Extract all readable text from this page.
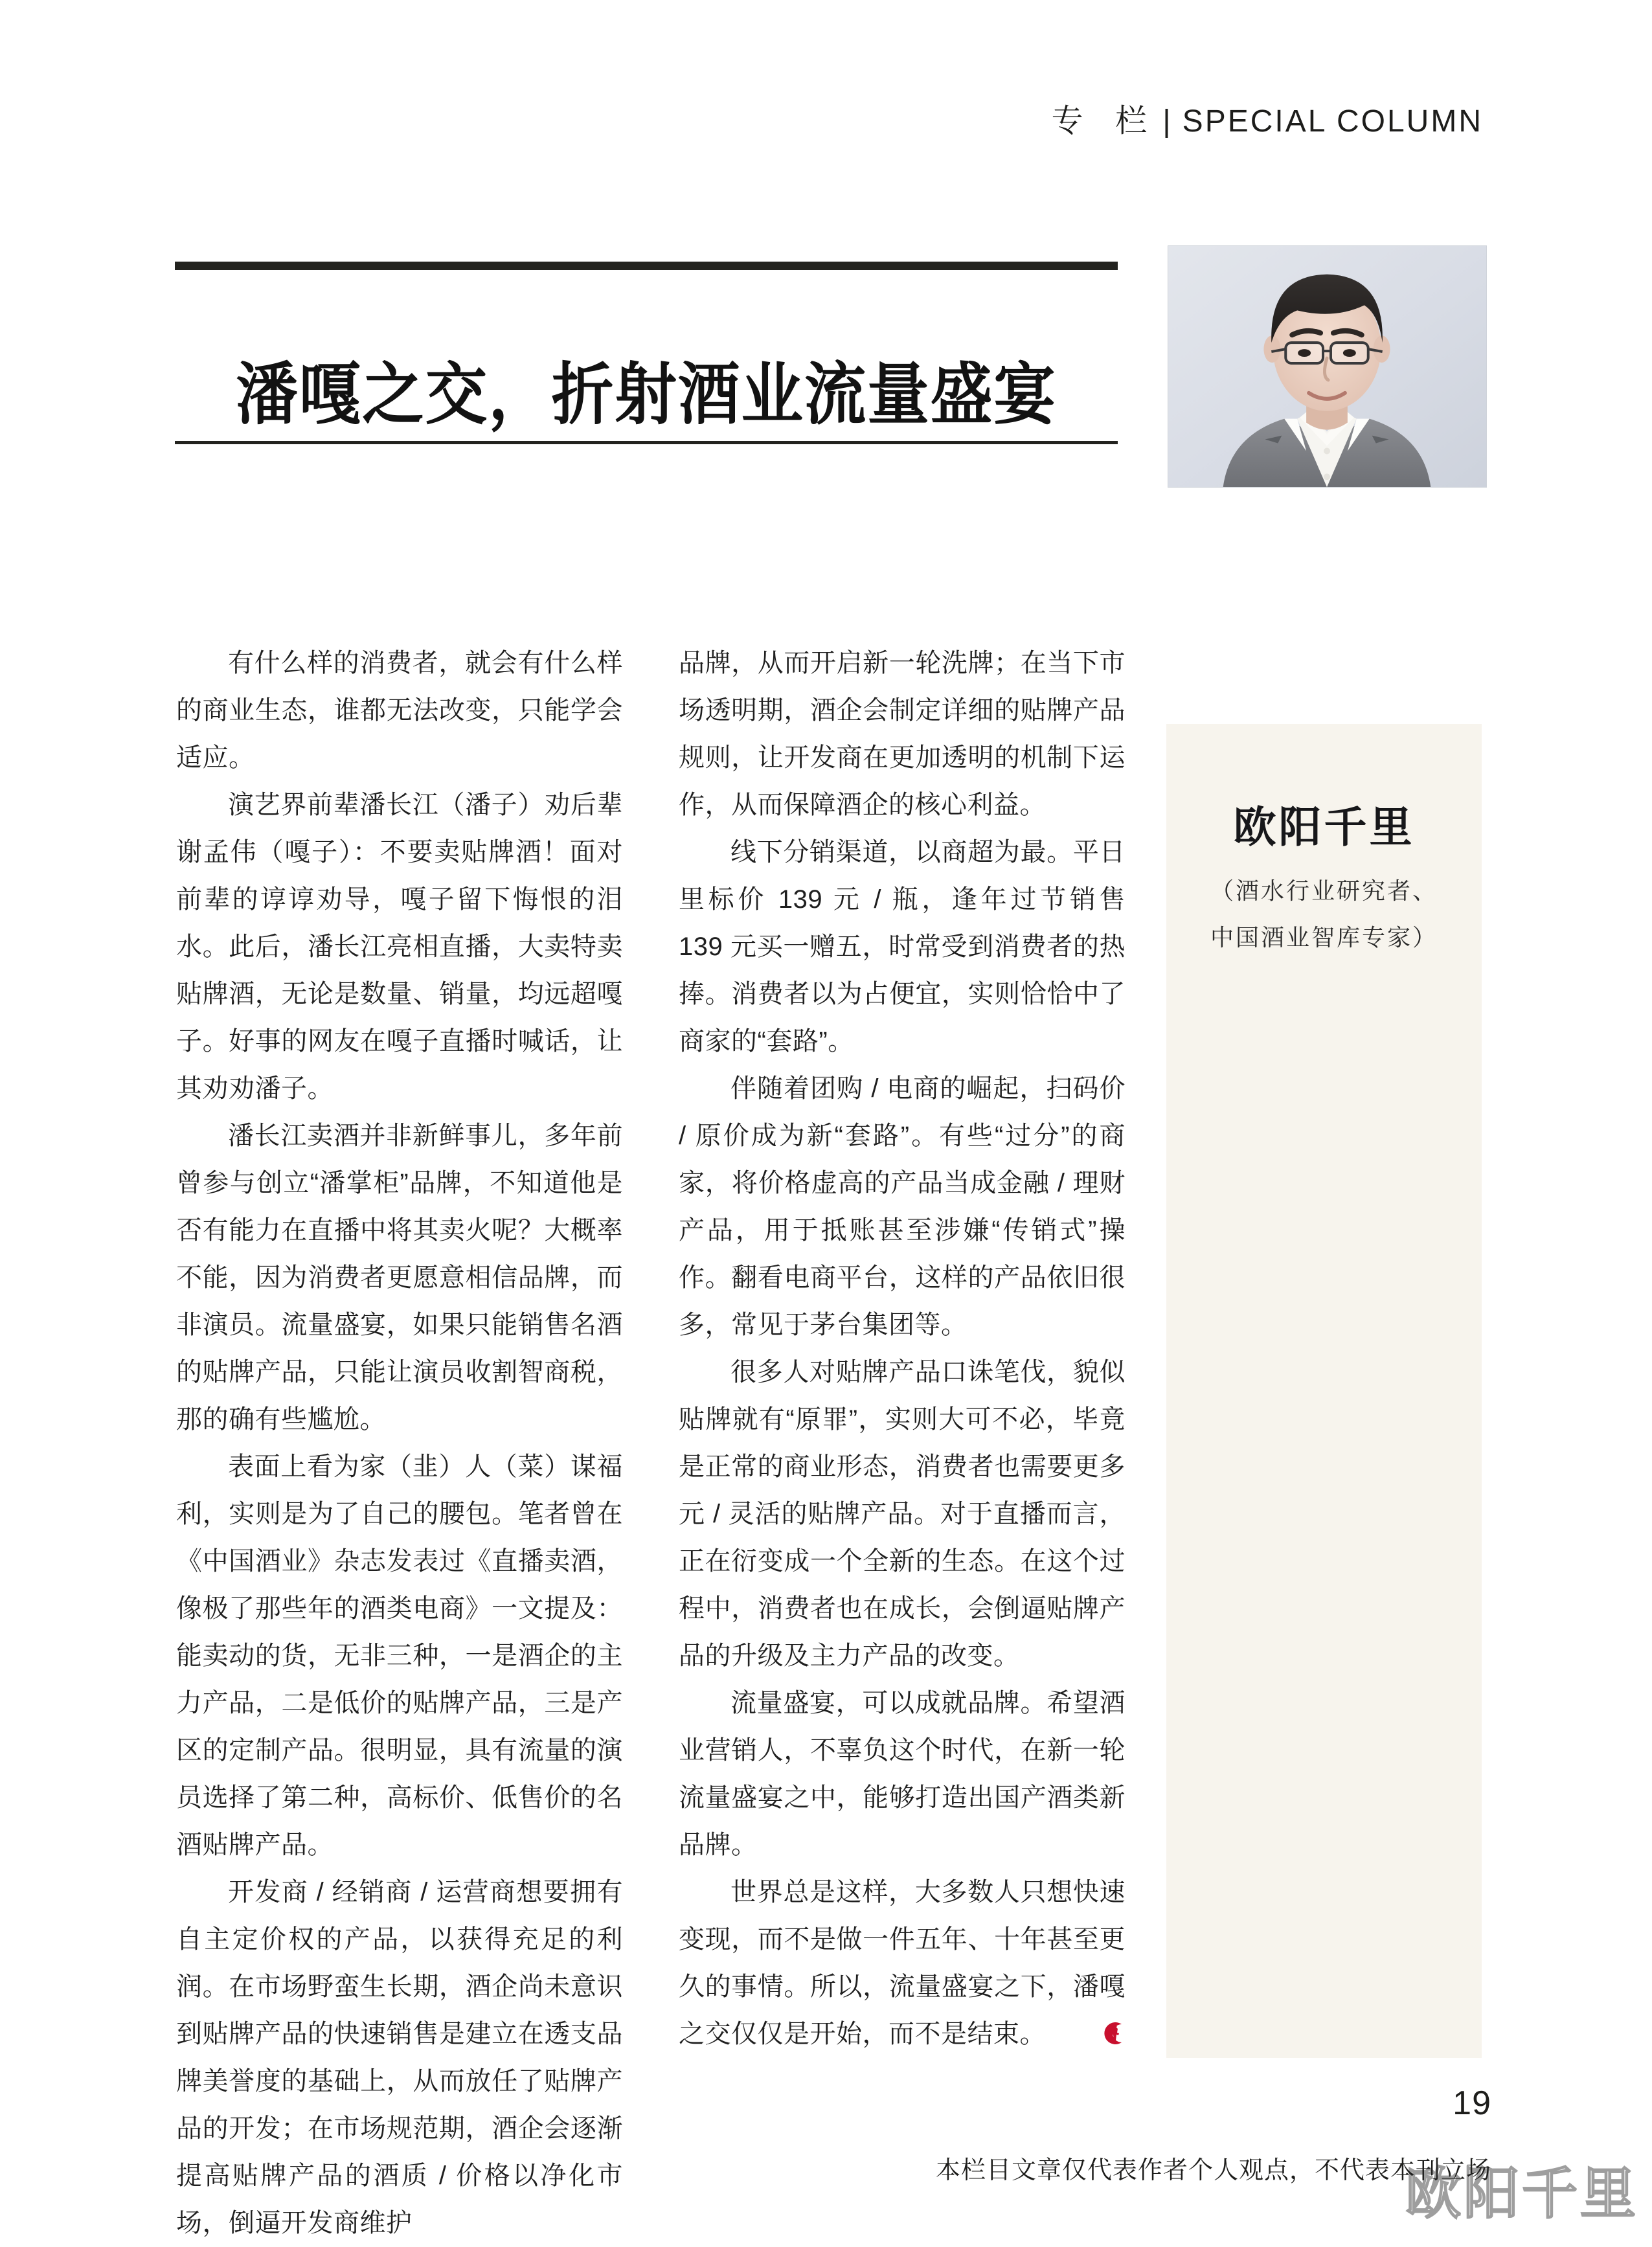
专 栏 | SPECIAL COLUMN
潘嘎之交，折射酒业流量盛宴
欧阳千里
（酒水行业研究者、
中国酒业智库专家）

有什么样的消费者，就会有什么样的商业生态，谁都无法改变，只能学会适应。

演艺界前辈潘长江（潘子）劝后辈谢孟伟（嘎子）：不要卖贴牌酒！面对前辈的谆谆劝导，嘎子留下悔恨的泪水。此后，潘长江亮相直播，大卖特卖贴牌酒，无论是数量、销量，均远超嘎子。好事的网友在嘎子直播时喊话，让其劝劝潘子。

潘长江卖酒并非新鲜事儿，多年前曾参与创立“潘掌柜”品牌，不知道他是否有能力在直播中将其卖火呢？大概率不能，因为消费者更愿意相信品牌，而非演员。流量盛宴，如果只能销售名酒的贴牌产品，只能让演员收割智商税，那的确有些尴尬。

表面上看为家（韭）人（菜）谋福利，实则是为了自己的腰包。笔者曾在《中国酒业》杂志发表过《直播卖酒，像极了那些年的酒类电商》一文提及：能卖动的货，无非三种，一是酒企的主力产品，二是低价的贴牌产品，三是产区的定制产品。很明显，具有流量的演员选择了第二种，高标价、低售价的名酒贴牌产品。

开发商 / 经销商 / 运营商想要拥有自主定价权的产品，以获得充足的利润。在市场野蛮生长期，酒企尚未意识到贴牌产品的快速销售是建立在透支品牌美誉度的基础上，从而放任了贴牌产品的开发；在市场规范期，酒企会逐渐提高贴牌产品的酒质 / 价格以净化市场，倒逼开发商维护

品牌，从而开启新一轮洗牌；在当下市场透明期，酒企会制定详细的贴牌产品规则，让开发商在更加透明的机制下运作，从而保障酒企的核心利益。

线下分销渠道，以商超为最。平日里标价 139 元 / 瓶，逢年过节销售 139 元买一赠五，时常受到消费者的热捧。消费者以为占便宜，实则恰恰中了商家的“套路”。

伴随着团购 / 电商的崛起，扫码价 / 原价成为新“套路”。有些“过分”的商家，将价格虚高的产品当成金融 / 理财产品，用于抵账甚至涉嫌“传销式”操作。翻看电商平台，这样的产品依旧很多，常见于茅台集团等。

很多人对贴牌产品口诛笔伐，貌似贴牌就有“原罪”，实则大可不必，毕竟是正常的商业形态，消费者也需要更多元 / 灵活的贴牌产品。对于直播而言，正在衍变成一个全新的生态。在这个过程中，消费者也在成长，会倒逼贴牌产品的升级及主力产品的改变。

流量盛宴，可以成就品牌。希望酒业营销人，不辜负这个时代，在新一轮流量盛宴之中，能够打造出国产酒类新品牌。

世界总是这样，大多数人只想快速变现，而不是做一件五年、十年甚至更久的事情。所以，流量盛宴之下，潘嘎之交仅仅是开始，而不是结束。

19
本栏目文章仅代表作者个人观点，不代表本刊立场
欧阳千里
